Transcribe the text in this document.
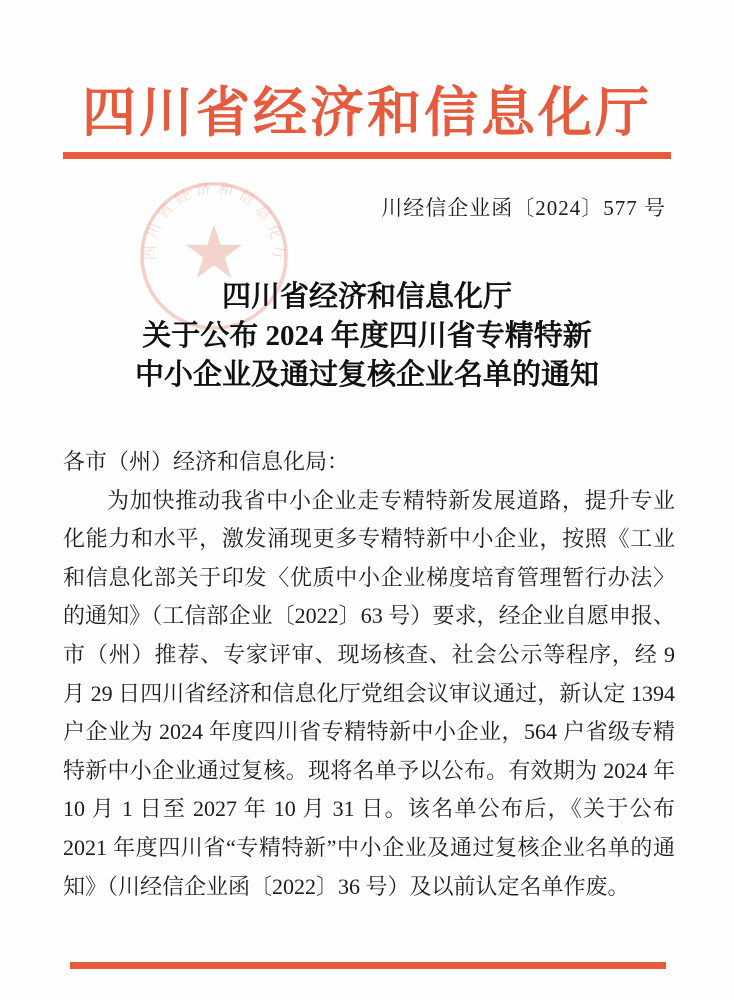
四川省经济和信息化厅
川经信企业函〔2024〕577 号
四川省经济和信息化厅
四川省经济和信息化厅
关于公布 2024 年度四川省专精特新
中小企业及通过复核企业名单的通知

各市（州）经济和信息化局：

为加快推动我省中小企业走专精特新发展道路，提升专业化能力和水平，激发涌现更多专精特新中小企业，按照《工业和信息化部关于印发〈优质中小企业梯度培育管理暂行办法〉的通知》（工信部企业〔2022〕63 号）要求，经企业自愿申报、市（州）推荐、专家评审、现场核查、社会公示等程序，经 9 月 29 日四川省经济和信息化厅党组会议审议通过，新认定 1394 户企业为 2024 年度四川省专精特新中小企业，564 户省级专精特新中小企业通过复核。现将名单予以公布。有效期为 2024 年 10 月 1 日至 2027 年 10 月 31 日。该名单公布后，《关于公布 2021 年度四川省“专精特新”中小企业及通过复核企业名单的通知》（川经信企业函〔2022〕36 号）及以前认定名单作废。
